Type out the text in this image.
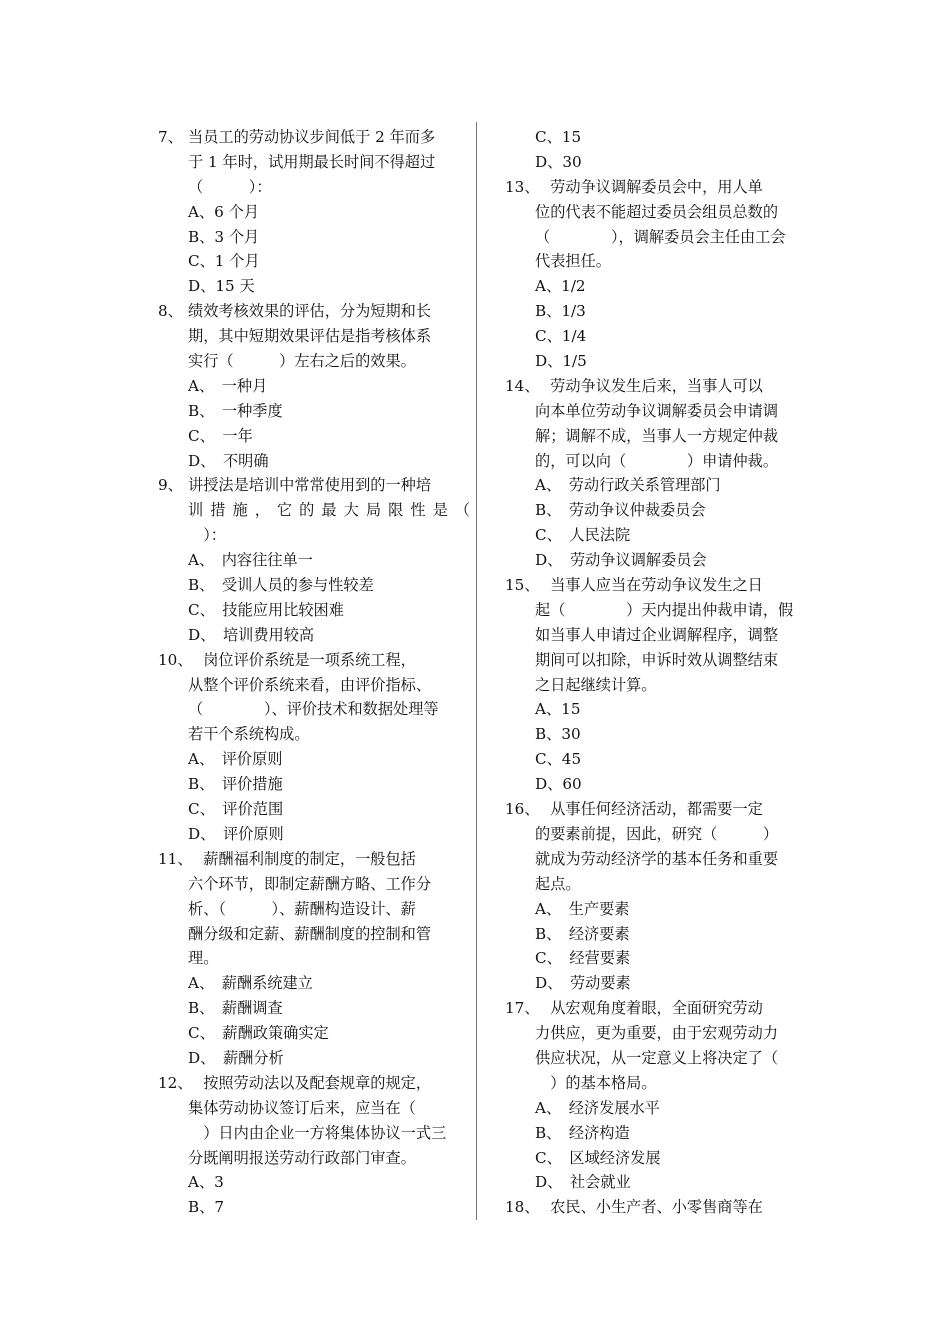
7、 当员工的劳动协议步间低于 2 年而多
于 1 年时，试用期最长时间不得超过
（　　　）：
A、6 个月
B、3 个月
C、1 个月
D、15 天
8、 绩效考核效果的评估，分为短期和长
期，其中短期效果评估是指考核体系
实行（　　　）左右之后的效果。
A、　一种月
B、　一种季度
C、　一年
D、　不明确
9、 讲授法是培训中常常使用到的一种培
训 措 施 ， 它 的 最 大 局 限 性 是 （
　）：
A、　内容往往单一
B、　受训人员的参与性较差
C、　技能应用比较困难
D、　培训费用较高
10、
　岗位评价系统是一项系统工程，
从整个评价系统来看，由评价指标、
（　　　　）、评价技术和数据处理等
若干个系统构成。
A、　评价原则
B、　评价措施
C、　评价范围
D、　评价原则
11、
　薪酬福利制度的制定，一般包括
六个环节，即制定薪酬方略、工作分
析、（　　　）、薪酬构造设计、薪
酬分级和定薪、薪酬制度的控制和管
理。
A、　薪酬系统建立
B、　薪酬调查
C、　薪酬政策确实定
D、　薪酬分析
12、
　按照劳动法以及配套规章的规定，
集体劳动协议签订后来，应当在（
　）日内由企业一方将集体协议一式三
分既阐明报送劳动行政部门审查。
A、3
B、7
C、15
D、30
13、
　劳动争议调解委员会中，用人单
位的代表不能超过委员会组员总数的
（　　　　），调解委员会主任由工会
代表担任。
A、1/2
B、1/3
C、1/4
D、1/5
14、
　劳动争议发生后来，当事人可以
向本单位劳动争议调解委员会申请调
解；调解不成，当事人一方规定仲裁
的，可以向（　　　　）申请仲裁。
A、　劳动行政关系管理部门
B、　劳动争议仲裁委员会
C、　人民法院
D、　劳动争议调解委员会
15、
　当事人应当在劳动争议发生之日
起（　　　　）天内提出仲裁申请，假
如当事人申请过企业调解程序，调整
期间可以扣除，申诉时效从调整结束
之日起继续计算。
A、15
B、30
C、45
D、60
16、
　从事任何经济活动，都需要一定
的要素前提，因此，研究（　　　）
就成为劳动经济学的基本任务和重要
起点。
A、　生产要素
B、　经济要素
C、　经营要素
D、　劳动要素
17、
　从宏观角度着眼，全面研究劳动
力供应，更为重要，由于宏观劳动力
供应状况，从一定意义上将决定了（
　）的基本格局。
A、　经济发展水平
B、　经济构造
C、　区域经济发展
D、　社会就业
18、
　农民、小生产者、小零售商等在
